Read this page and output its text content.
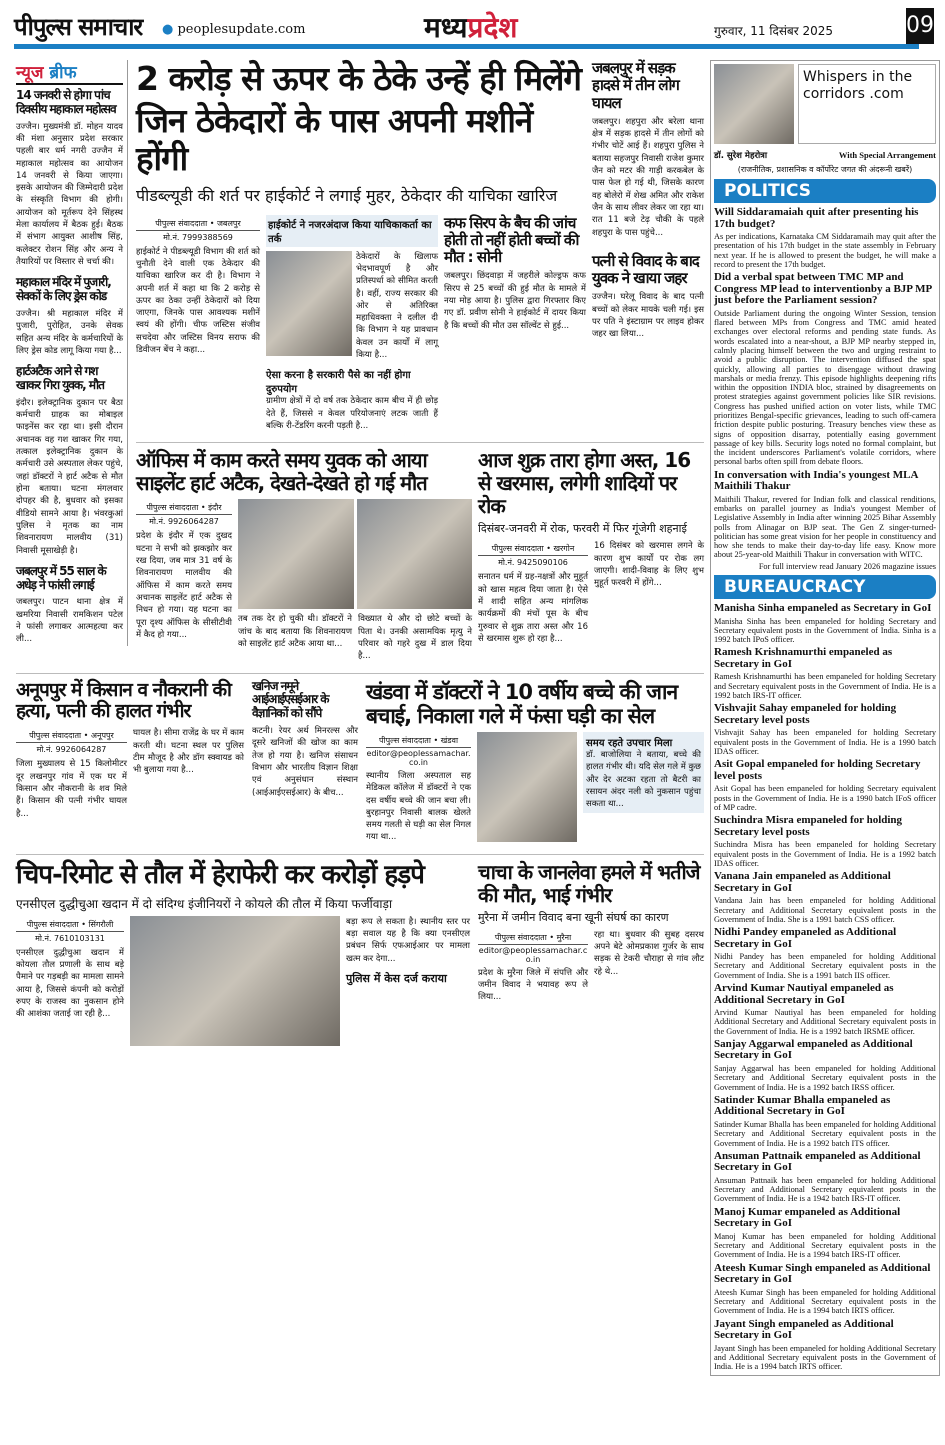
पीपुल्स समाचार ● peoplesupdate.com	मध्यप्रदेश	गुरुवार, 11 दिसंबर 2025	09
न्यूज ब्रीफ
14 जनवरी से होगा पांच दिवसीय महाकाल महोत्सव
उज्जैन। मुख्यमंत्री डॉ. मोहन यादव की मंशा अनुसार प्रदेश सरकार पहली बार धर्म नगरी उज्जैन में महाकाल महोत्सव का आयोजन 14 जनवरी से किया जाएगा। इसके आयोजन की जिम्मेदारी प्रदेश के संस्कृति विभाग की होगी। आयोजन को मूर्तरूप देने सिंहस्थ मेला कार्यालय में बैठक हुई। बैठक में संभाग आयुक्त आशीष सिंह, कलेक्टर रोशन सिंह और अन्य ने तैयारियों पर विस्तार से चर्चा की।
महाकाल मंदिर में पुजारी, सेवकों के लिए ड्रेस कोड
उज्जैन। श्री महाकाल मंदिर में पुजारी, पुरोहित, उनके सेवक सहित अन्य मंदिर के कर्मचारियों के लिए ड्रेस कोड लागू किया गया है...
हार्टअटैक आने से गश खाकर गिरा युवक, मौत
इंदौर। इलेक्ट्रानिक दुकान पर बैठा कर्मचारी ग्राहक का मोबाइल फाइनेंस कर रहा था। इसी दौरान अचानक वह गश खाकर गिर गया, तत्काल इलेक्ट्रानिक दुकान के कर्मचारी उसे अस्पताल लेकर पहुंचे, जहां डॉक्टरों ने हार्ट अटैक से मौत होना बताया। घटना मंगलवार दोपहर की है, बुधवार को इसका वीडियो सामने आया है। भंवरकुआं पुलिस ने मृतक का नाम शिवनारायण मालवीय (31) निवासी मूसाखेड़ी है।
जबलपुर में 55 साल के अधेड़ ने फांसी लगाई
जबलपुर। पाटन थाना क्षेत्र में खमरिया निवासी रामकिशन पटेल ने फांसी लगाकर आत्महत्या कर ली...
2 करोड़ से ऊपर के ठेके उन्हें ही मिलेंगे
जिन ठेकेदारों के पास अपनी मशीनें होंगी
पीडब्ल्यूडी की शर्त पर हाईकोर्ट ने लगाई मुहर, ठेकेदार की याचिका खारिज
पीपुल्स संवाददाता • जबलपुर
मो.नं. 7999388569
हाईकोर्ट ने पीडब्ल्यूडी विभाग की शर्त को चुनौती देने वाली एक ठेकेदार की याचिका खारिज कर दी है। विभाग ने अपनी शर्त में कहा था कि 2 करोड़ से ऊपर का ठेका उन्हीं ठेकेदारों को दिया जाएगा, जिनके पास आवश्यक मशीनें स्वयं की होंगी। चीफ जस्टिस संजीव सचदेवा और जस्टिस विनय सराफ की डिवीजन बेंच ने कहा...
हाईकोर्ट ने नजरअंदाज किया याचिकाकर्ता का तर्क
ठेकेदारों के खिलाफ भेदभावपूर्ण है और प्रतिस्पर्धा को सीमित करती है। वहीं, राज्य सरकार की ओर से अतिरिक्त महाधिवक्ता ने दलील दी कि विभाग ने यह प्रावधान केवल उन कार्यों में लागू किया है...
ऐसा करना है सरकारी पैसे का नहीं होगा दुरुपयोग
ग्रामीण क्षेत्रों में दो वर्ष तक ठेकेदार काम बीच में ही छोड़ देते हैं, जिससे न केवल परियोजनाएं लटक जाती हैं बल्कि री-टेंडरिंग करनी पड़ती है...
कफ सिरप के बैच की जांच होती तो नहीं होती बच्चों की मौत : सोनी
जबलपुर। छिंदवाड़ा में जहरीले कोल्ड्रफ कफ सिरप से 25 बच्चों की हुई मौत के मामले में नया मोड़ आया है। पुलिस द्वारा गिरफ्तार किए गए डॉ. प्रवीण सोनी ने हाईकोर्ट में दायर किया है कि बच्चों की मौत उस सॉल्वेंट से हुई...
जबलपुर में सड़क हादसे में तीन लोग घायल
जबलपुर। शहपुरा और बरेला थाना क्षेत्र में सड़क हादसे में तीन लोगों को गंभीर चोटें आई हैं। शहपुरा पुलिस ने बताया सहजपुर निवासी राजेश कुमार जैन को मटर की गाड़ी करकबेल के पास फेल हो गई थी, जिसके कारण वह बोलेरो में शेख अमित और राकेश जैन के साथ लीवर लेकर जा रहा था। रात 11 बजे टेढ़ चौकी के पहले शहपुरा के पास पहुंचे...
पत्नी से विवाद के बाद युवक ने खाया जहर
उज्जैन। घरेलू विवाद के बाद पत्नी बच्चों को लेकर मायके चली गई। इस पर पति ने इंस्टाग्राम पर लाइव होकर जहर खा लिया...
ऑफिस में काम करते समय युवक को आया साइलेंट हार्ट अटैक, देखते-देखते हो गई मौत
पीपुल्स संवाददाता • इंदौर
मो.नं. 9926064287
प्रदेश के इंदौर में एक दुखद घटना ने सभी को झकझोर कर रख दिया, जब मात्र 31 वर्ष के शिवनारायण मालवीय की ऑफिस में काम करते समय अचानक साइलेंट हार्ट अटैक से निधन हो गया। यह घटना का पूरा दृश्य ऑफिस के सीसीटीवी में कैद हो गया...
तब तक देर हो चुकी थी। डॉक्टरों ने जांच के बाद बताया कि शिवनारायण को साइलेंट हार्ट अटैक आया था...
विख्यात थे और दो छोटे बच्चों के पिता थे। उनकी असामयिक मृत्यु ने परिवार को गहरे दुख में डाल दिया है...
आज शुक्र तारा होगा अस्त, 16 से खरमास, लगेगी शादियों पर रोक
दिसंबर-जनवरी में रोक, फरवरी में फिर गूंजेगी शहनाई
पीपुल्स संवाददाता • खरगोन
मो.नं. 9425090106
सनातन धर्म में ग्रह-नक्षत्रों और मुहूर्त को खास महत्व दिया जाता है। ऐसे में शादी सहित अन्य मांगलिक कार्यक्रमों की मंचों पूस के बीच गुरुवार से शुक्र तारा अस्त और 16 से खरमास शुरू हो रहा है...
16 दिसंबर को खरमास लगने के कारण शुभ कार्यों पर रोक लग जाएगी। शादी-विवाह के लिए शुभ मुहूर्त फरवरी में होंगे...
अनूपपुर में किसान व नौकरानी की हत्या, पत्नी की हालत गंभीर
पीपुल्स संवाददाता • अनूपपुर
मो.नं. 9926064287
जिला मुख्यालय से 15 किलोमीटर दूर लखनपुर गांव में एक घर में किसान और नौकरानी के शव मिले हैं। किसान की पत्नी गंभीर घायल है...
घायल है। सीमा राजेंद्र के घर में काम करती थी। घटना स्थल पर पुलिस टीम मौजूद है और डॉग स्क्वायड को भी बुलाया गया है...
खनिज नमूने आईआईएसईआर के वैज्ञानिकों को सौंपे
कटनी। रेयर अर्थ मिनरल्स और दूसरे खनिजों की खोज का काम तेज हो गया है। खनिज संसाधन विभाग और भारतीय विज्ञान शिक्षा एवं अनुसंधान संस्थान (आईआईएसईआर) के बीच...
खंडवा में डॉक्टरों ने 10 वर्षीय बच्चे की जान बचाई, निकाला गले में फंसा घड़ी का सेल
पीपुल्स संवाददाता • खंडवा
editor@peoplessamachar.co.in
स्थानीय जिला अस्पताल सह मेडिकल कॉलेज में डॉक्टरों ने एक दस वर्षीय बच्चे की जान बचा ली। बुरहानपुर निवासी बालक खेलते समय गलती से घड़ी का सेल निगल गया था...
समय रहते उपचार मिला
डॉ. बाजोलिया ने बताया, बच्चे की हालत गंभीर थी। यदि सेल गले में कुछ और देर अटका रहता तो बैटरी का रसायन अंदर नली को नुकसान पहुंचा सकता था...
चिप-रिमोट से तौल में हेराफेरी कर करोड़ों हड़पे
एनसीएल दुद्धीचुआ खदान में दो संदिग्ध इंजीनियरों ने कोयले की तौल में किया फर्जीवाड़ा
पीपुल्स संवाददाता • सिंगरौली
मो.नं. 7610103131
एनसीएल दुद्धीचुआ खदान में कोयला तौल प्रणाली के साथ बड़े पैमाने पर गड़बड़ी का मामला सामने आया है, जिससे कंपनी को करोड़ों रुपए के राजस्व का नुकसान होने की आशंका जताई जा रही है...
बड़ा रूप ले सकता है। स्थानीय स्तर पर बड़ा सवाल यह है कि क्या एनसीएल प्रबंधन सिर्फ एफआईआर पर मामला खत्म कर देगा...
पुलिस में केस दर्ज कराया
चाचा के जानलेवा हमले में भतीजे की मौत, भाई गंभीर
मुरैना में जमीन विवाद बना खूनी संघर्ष का कारण
पीपुल्स संवाददाता • मुरैना
editor@peoplessamachar.co.in
प्रदेश के मुरैना जिले में संपत्ति और जमीन विवाद ने भयावह रूप ले लिया...
रहा था। बुधवार की सुबह दसरथ अपने बेटे ओमप्रकाश गुर्जर के साथ सड़क से टेकरी चौराहा से गांव लौट रहे थे...
Whispers in the corridors .com
डॉ. सुरेश मेहरोत्रा	With Special Arrangement
(राजनीतिक, प्रशासनिक व कॉर्पोरेट जगत की अंदरूनी खबरें)
POLITICS
Will Siddaramaiah quit after presenting his 17th budget?
As per indications, Karnataka CM Siddaramaih may quit after the presentation of his 17th budget in the state assembly in February next year. If he is allowed to present the budget, he will make a record to present the 17th budget.
Did a verbal spat between TMC MP and Congress MP lead to interventionby a BJP MP just before the Parliament session?
Outside Parliament during the ongoing Winter Session, tension flared between MPs from Congress and TMC amid heated exchanges over electoral reforms and pending state funds. As words escalated into a near-shout, a BJP MP nearby stepped in, calmly placing himself between the two and urging restraint to avoid a public disruption. The intervention diffused the spat quickly, allowing all parties to disengage without drawing marshals or media frenzy. This episode highlights deepening rifts within the opposition INDIA bloc, strained by disagreements on protest strategies against government policies like SIR revisions. Congress has pushed unified action on voter lists, while TMC prioritizes Bengal-specific grievances, leading to such off-camera friction despite public posturing. Treasury benches view these as signs of opposition disarray, potentially easing government passage of key bills. Security logs noted no formal complaint, but the incident underscores Parliament's volatile corridors, where personal barbs often spill from debate floors.
In conversation with India's youngest MLA Maithili Thakur
Maithili Thakur, revered for Indian folk and classical renditions, embarks on parallel journey as India's youngest Member of Legislative Assembly in India after winning 2025 Bihar Assembly polls from Alinagar on BJP seat. The Gen Z singer-turned-politician has some great vision for her people in constituency and how she tends to make their day-to-day life easy. Know more about 25-year-old Maithili Thakur in conversation with WITC.
For full interview read January 2026 magazine issues
BUREAUCRACY
Manisha Sinha empaneled as Secretary in GoI
Manisha Sinha has been empaneled for holding Secretary and Secretary equivalent posts in the Government of India. Sinha is a 1992 batch IPoS officer.
Ramesh Krishnamurthi empaneled as Secretary in GoI
Ramesh Krishnamurthi has been empaneled for holding Secretary and Secretary equivalent posts in the Government of India. He is a 1992 batch IRS-IT officer.
Vishvajit Sahay empaneled for holding Secretary level posts
Vishvajit Sahay has been empaneled for holding Secretary equivalent posts in the Government of India. He is a 1990 batch IDAS officer.
Asit Gopal empaneled for holding Secretary level posts
Asit Gopal has been empaneled for holding Secretary equivalent posts in the Government of India. He is a 1990 batch IFoS officer of MP cadre.
Suchindra Misra empaneled for holding Secretary level posts
Suchindra Misra has been empaneled for holding Secretary equivalent posts in the Government of India. He is a 1992 batch IDAS officer.
Vanana Jain empaneled as Additional Secretary in GoI
Vandana Jain has been empaneled for holding Additional Secretary and Additional Secretary equivalent posts in the Government of India. She is a 1991 batch CSS officer.
Nidhi Pandey empaneled as Additional Secretary in GoI
Nidhi Pandey has been empaneled for holding Additional Secretary and Additional Secretary equivalent posts in the Government of India. She is a 1991 batch IIS officer.
Arvind Kumar Nautiyal empaneled as Additional Secretary in GoI
Arvind Kumar Nautiyal has been empaneled for holding Additional Secretary and Additional Secretary equivalent posts in the Government of India. He is a 1992 batch IRSME officer.
Sanjay Aggarwal empaneled as Additional Secretary in GoI
Sanjay Aggarwal has been empaneled for holding Additional Secretary and Additional Secretary equivalent posts in the Government of India. He is a 1992 batch IRSS officer.
Satinder Kumar Bhalla empaneled as Additional Secretary in GoI
Satinder Kumar Bhalla has been empaneled for holding Additional Secretary and Additional Secretary equivalent posts in the Government of India. He is a 1992 batch ITS officer.
Ansuman Pattnaik empaneled as Additional Secretary in GoI
Ansuman Pattnaik has been empaneled for holding Additional Secretary and Additional Secretary equivalent posts in the Government of India. He is a 1942 batch IRS-IT officer.
Manoj Kumar empaneled as Additional Secretary in GoI
Manoj Kumar has been empaneled for holding Additional Secretary and Additional Secretary equivalent posts in the Government of India. He is a 1994 batch IRS-IT officer.
Ateesh Kumar Singh empaneled as Additional Secretary in GoI
Ateesh Kumar Singh has been empaneled for holding Additional Secretary and Additional Secretary equivalent posts in the Government of India. He is a 1994 batch IRTS officer.
Jayant Singh empaneled as Additional Secretary in GoI
Jayant Singh has been empaneled for holding Additional Secretary and Additional Secretary equivalent posts in the Government of India. He is a 1994 batch IRTS officer.
